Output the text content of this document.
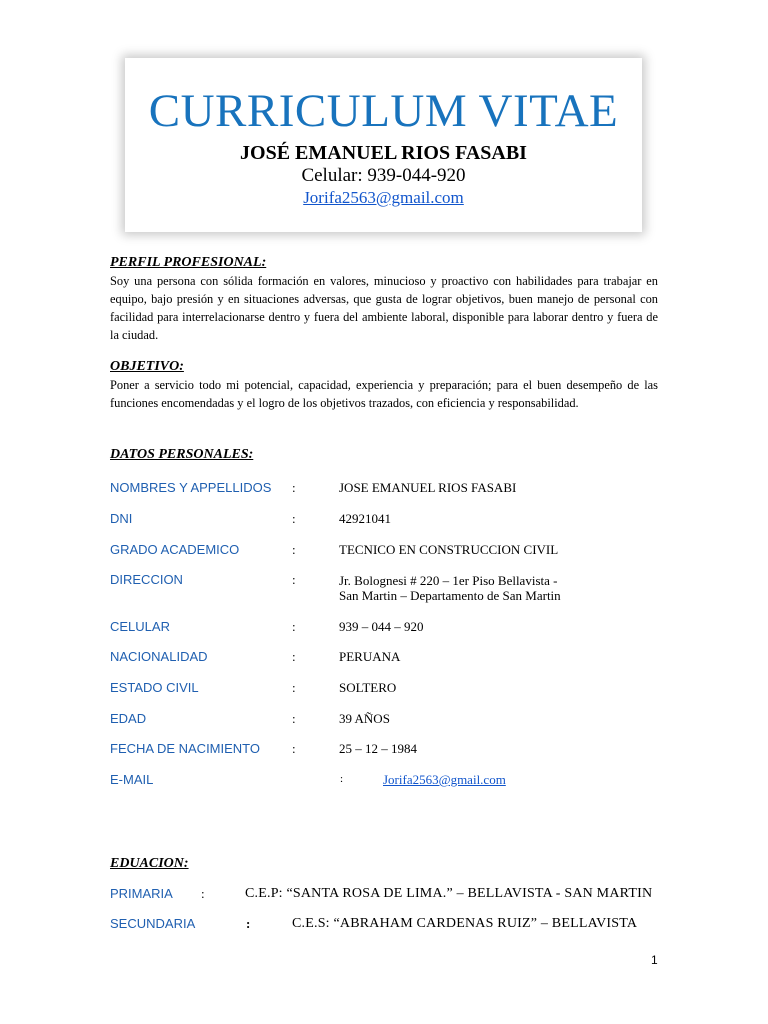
CURRICULUM VITAE
JOSÉ EMANUEL RIOS FASABI
Celular: 939-044-920
Jorifa2563@gmail.com
PERFIL PROFESIONAL:

Soy una persona con sólida formación en valores, minucioso y proactivo con habilidades para trabajar en equipo, bajo presión y en situaciones adversas, que gusta de lograr objetivos, buen manejo de personal con facilidad para interrelacionarse dentro y fuera del ambiente laboral, disponible para laborar dentro y fuera de la ciudad.

OBJETIVO:

Poner a servicio todo mi potencial, capacidad, experiencia y preparación; para el buen desempeño de las funciones encomendadas y el logro de los objetivos trazados, con eficiencia y responsabilidad.

DATOS PERSONALES:
NOMBRES Y APPELLIDOS :	JOSE EMANUEL RIOS FASABI
DNI	:	42921041
GRADO ACADEMICO	:	TECNICO EN CONSTRUCCION CIVIL
DIRECCION	:	Jr. Bolognesi # 220 – 1er Piso Bellavista -
San Martin – Departamento de San Martin
CELULAR	:	939 – 044 – 920
NACIONALIDAD	:	PERUANA
ESTADO CIVIL	:	SOLTERO
EDAD	:	39 AÑOS
FECHA DE NACIMIENTO :	25 – 12 – 1984
E-MAIL	:	Jorifa2563@gmail.com
EDUACION:
PRIMARIA :	C.E.P: “SANTA ROSA DE LIMA.” – BELLAVISTA - SAN MARTIN
SECUNDARIA	:	C.E.S: “ABRAHAM CARDENAS RUIZ” – BELLAVISTA
1
